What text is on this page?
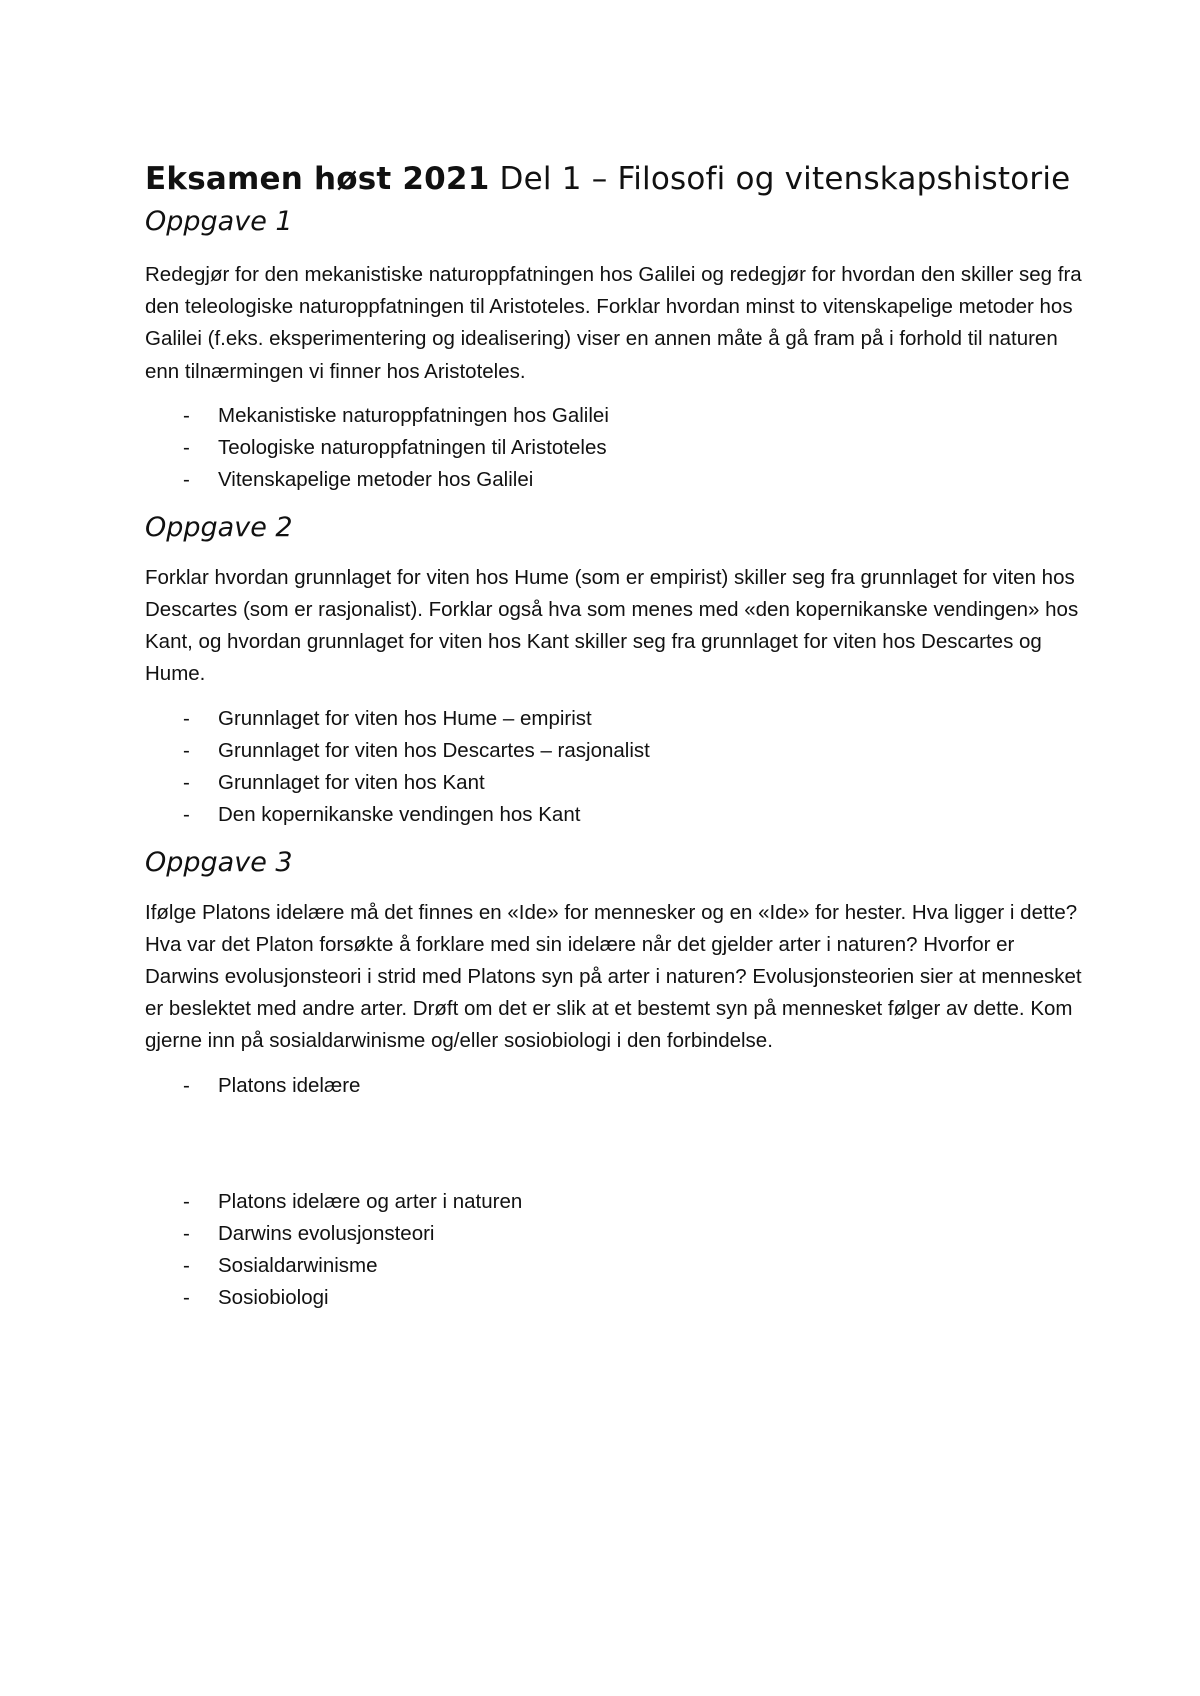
Eksamen høst 2021 Del 1 – Filosofi og vitenskapshistorie
Oppgave 1

Redegjør for den mekanistiske naturoppfatningen hos Galilei og redegjør for hvordan den skiller seg fra den teleologiske naturoppfatningen til Aristoteles. Forklar hvordan minst to vitenskapelige metoder hos Galilei (f.eks. eksperimentering og idealisering) viser en annen måte å gå fram på i forhold til naturen enn tilnærmingen vi finner hos Aristoteles.

- Mekanistiske naturoppfatningen hos Galilei
- Teologiske naturoppfatningen til Aristoteles
- Vitenskapelige metoder hos Galilei
Oppgave 2

Forklar hvordan grunnlaget for viten hos Hume (som er empirist) skiller seg fra grunnlaget for viten hos Descartes (som er rasjonalist). Forklar også hva som menes med «den kopernikanske vendingen» hos Kant, og hvordan grunnlaget for viten hos Kant skiller seg fra grunnlaget for viten hos Descartes og Hume.

- Grunnlaget for viten hos Hume – empirist
- Grunnlaget for viten hos Descartes – rasjonalist
- Grunnlaget for viten hos Kant
- Den kopernikanske vendingen hos Kant
Oppgave 3

Ifølge Platons idelære må det finnes en «Ide» for mennesker og en «Ide» for hester. Hva ligger i dette? Hva var det Platon forsøkte å forklare med sin idelære når det gjelder arter i naturen? Hvorfor er Darwins evolusjonsteori i strid med Platons syn på arter i naturen? Evolusjonsteorien sier at mennesket er beslektet med andre arter. Drøft om det er slik at et bestemt syn på mennesket følger av dette. Kom gjerne inn på sosialdarwinisme og/eller sosiobiologi i den forbindelse.

- Platons idelære
- Platons idelære og arter i naturen
- Darwins evolusjonsteori
- Sosialdarwinisme
- Sosiobiologi
